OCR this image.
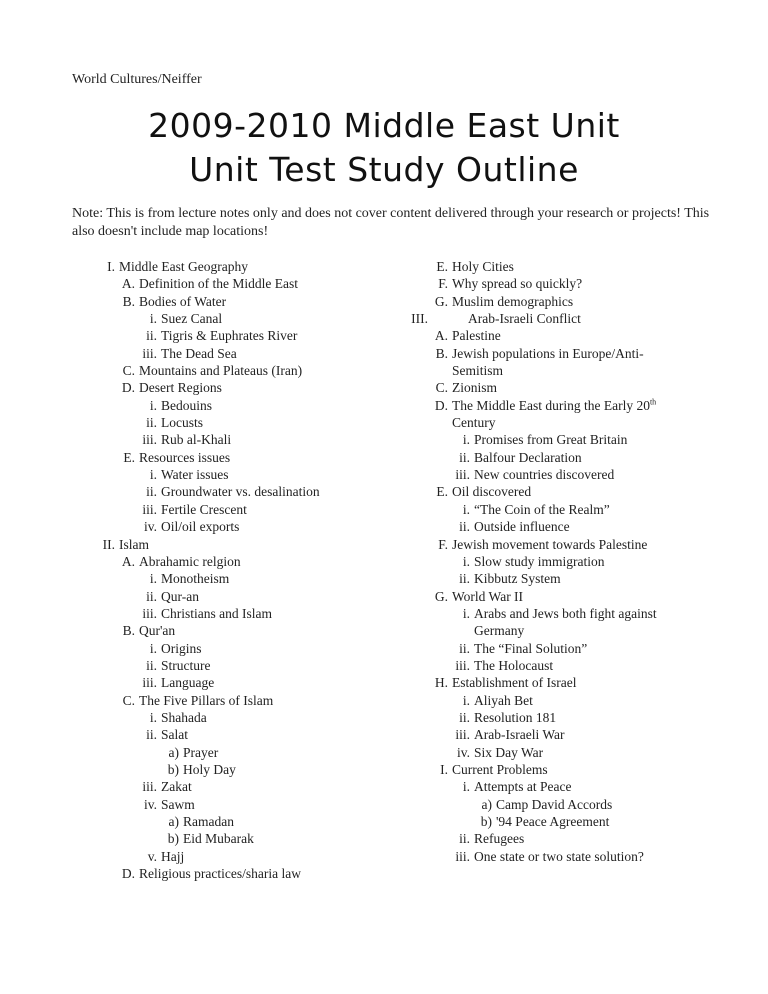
World Cultures/Neiffer
2009-2010 Middle East Unit
Unit Test Study Outline
Note: This is from lecture notes only and does not cover content delivered through your research or projects! This also doesn't include map locations!
I. Middle East Geography
A. Definition of the Middle East
B. Bodies of Water
i. Suez Canal
ii. Tigris & Euphrates River
iii. The Dead Sea
C. Mountains and Plateaus (Iran)
D. Desert Regions
i. Bedouins
ii. Locusts
iii. Rub al-Khali
E. Resources issues
i. Water issues
ii. Groundwater vs. desalination
iii. Fertile Crescent
iv. Oil/oil exports
II. Islam
A. Abrahamic relgion
i. Monotheism
ii. Qur-an
iii. Christians and Islam
B. Qur'an
i. Origins
ii. Structure
iii. Language
C. The Five Pillars of Islam
i. Shahada
ii. Salat
a) Prayer
b) Holy Day
iii. Zakat
iv. Sawm
a) Ramadan
b) Eid Mubarak
v. Hajj
D. Religious practices/sharia law
E. Holy Cities
F. Why spread so quickly?
G. Muslim demographics
III.	Arab-Israeli Conflict
A. Palestine
B. Jewish populations in Europe/Anti-Semitism
C. Zionism
D. The Middle East during the Early 20th
Century
i. Promises from Great Britain
ii. Balfour Declaration
iii. New countries discovered
E. Oil discovered
i. “The Coin of the Realm”
ii. Outside influence
F. Jewish movement towards Palestine
i. Slow study immigration
ii. Kibbutz System
G. World War II
i. Arabs and Jews both fight against Germany
ii. The “Final Solution”
iii. The Holocaust
H. Establishment of Israel
i. Aliyah Bet
ii. Resolution 181
iii. Arab-Israeli War
iv. Six Day War
I. Current Problems
i. Attempts at Peace
a) Camp David Accords
b) '94 Peace Agreement
ii. Refugees
iii. One state or two state solution?
